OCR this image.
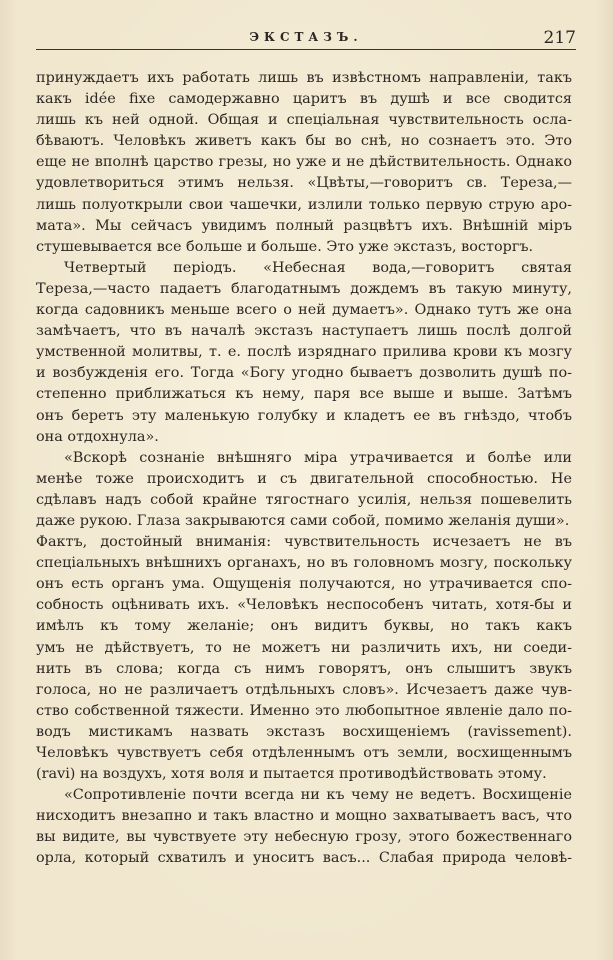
ЭКСТАЗЪ.	217
принуждаетъ ихъ работать лишь въ извѣстномъ направленіи, такъ
какъ idée fixe самодержавно царитъ въ душѣ и все сводится
лишь къ ней одной. Общая и спеціальная чувствительность осла-
бѣваютъ. Человѣкъ живетъ какъ бы во снѣ, но сознаетъ это. Это
еще не вполнѣ царство грезы, но уже и не дѣйствительность. Однако
удовлетвориться этимъ нельзя. «Цвѣты,—говоритъ св. Тереза,—
лишь полуоткрыли свои чашечки, излили только первую струю аро-
мата». Мы сейчасъ увидимъ полный разцвѣтъ ихъ. Внѣшній міръ
стушевывается все больше и больше. Это уже экстазъ, восторгъ.
Четвертый періодъ. «Небесная вода,—говоритъ святая
Тереза,—часто падаетъ благодатнымъ дождемъ въ такую минуту,
когда садовникъ меньше всего о ней думаетъ». Однако тутъ же она
замѣчаетъ, что въ началѣ экстазъ наступаетъ лишь послѣ долгой
умственной молитвы, т. е. послѣ изряднаго прилива крови къ мозгу
и возбужденія его. Тогда «Богу угодно бываетъ дозволить душѣ по-
степенно приближаться къ нему, паря все выше и выше. Затѣмъ
онъ беретъ эту маленькую голубку и кладетъ ее въ гнѣздо, чтобъ
она отдохнула».
«Вскорѣ сознаніе внѣшняго міра утрачивается и болѣе или
менѣе тоже происходитъ и съ двигательной способностью. Не
сдѣлавъ надъ собой крайне тягостнаго усилія, нельзя пошевелить
даже рукою. Глаза закрываются сами собой, помимо желанія души».
Фактъ, достойный вниманія: чувствительность исчезаетъ не въ
спеціальныхъ внѣшнихъ органахъ, но въ головномъ мозгу, поскольку
онъ есть органъ ума. Ощущенія получаются, но утрачивается спо-
собность оцѣнивать ихъ. «Человѣкъ неспособенъ читать, хотя-бы и
имѣлъ къ тому желаніе; онъ видитъ буквы, но такъ какъ
умъ не дѣйствуетъ, то не можетъ ни различить ихъ, ни соеди-
нить въ слова; когда съ нимъ говорятъ, онъ слышитъ звукъ
голоса, но не различаетъ отдѣльныхъ словъ». Исчезаетъ даже чув-
ство собственной тяжести. Именно это любопытное явленіе дало по-
водъ мистикамъ назвать экстазъ восхищеніемъ (ravissement).
Человѣкъ чувствуетъ себя отдѣленнымъ отъ земли, восхищеннымъ
(ravi) на воздухъ, хотя воля и пытается противодѣйствовать этому.
«Сопротивленіе почти всегда ни къ чему не ведетъ. Восхищеніе
нисходитъ внезапно и такъ властно и мощно захватываетъ васъ, что
вы видите, вы чувствуете эту небесную грозу, этого божественнаго
орла, который схватилъ и уноситъ васъ... Слабая природа человѣ-
